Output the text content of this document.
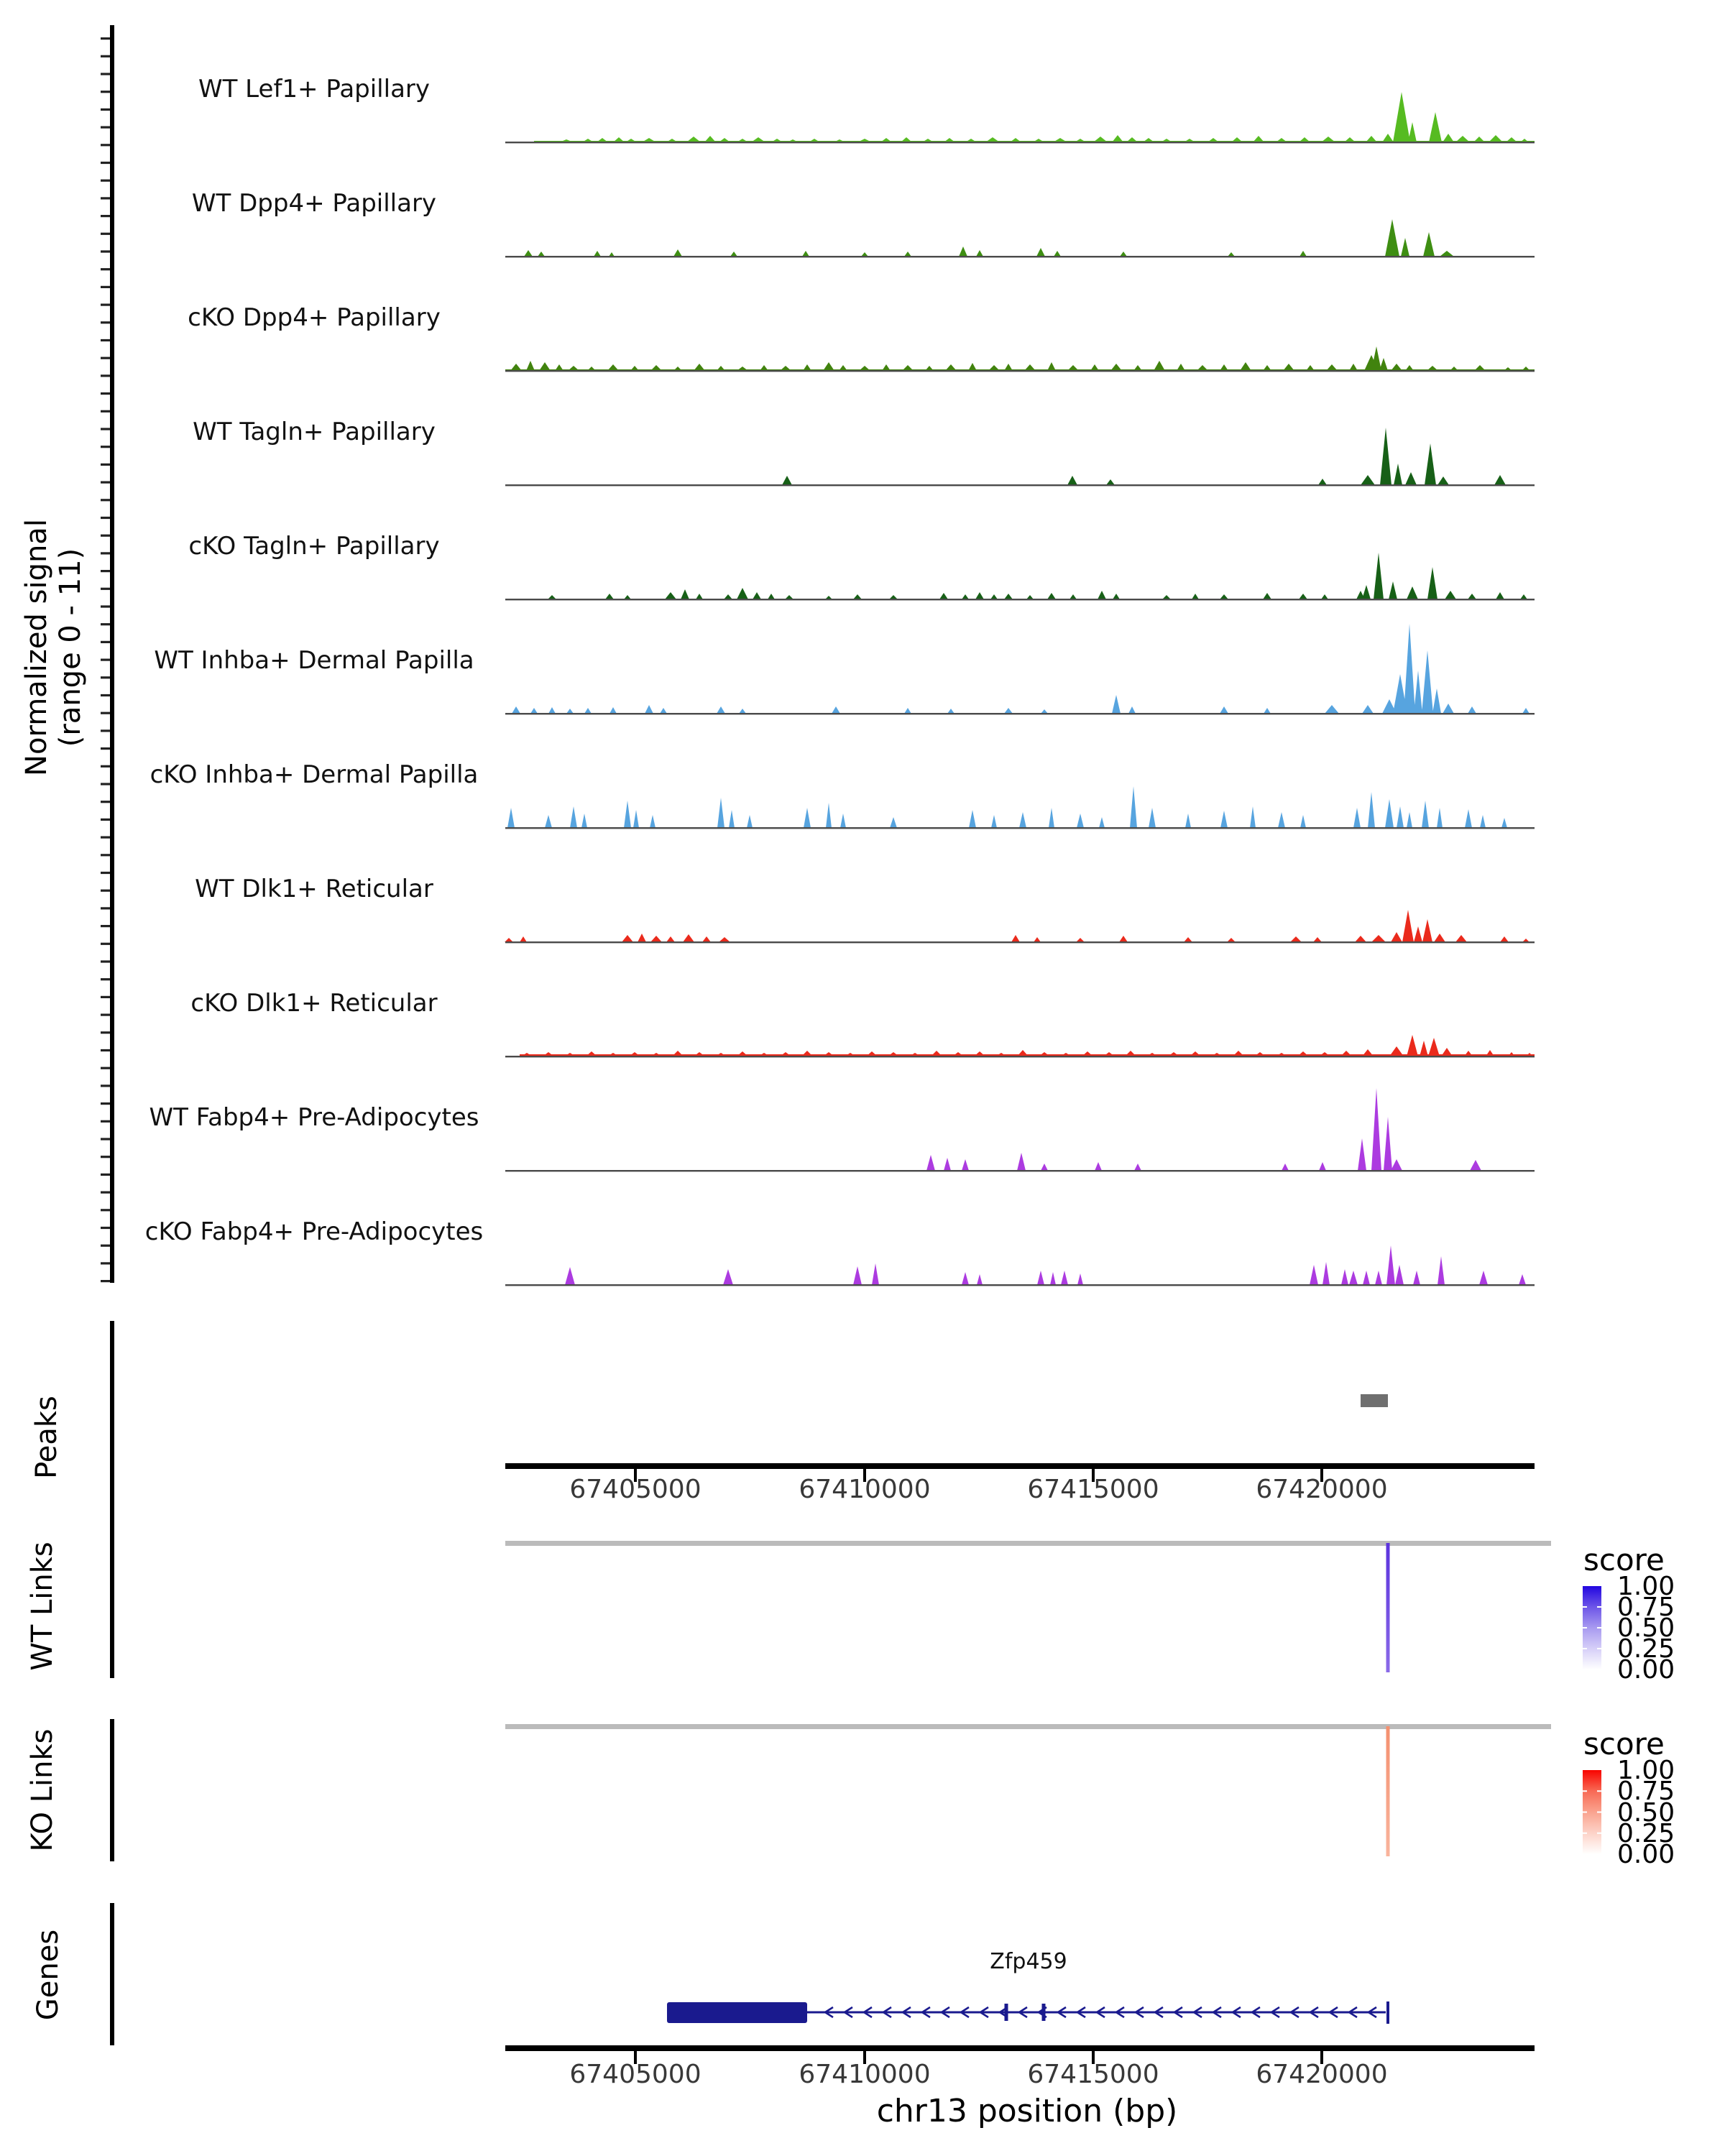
Normalized signal (range 0 - 11)
Peaks
WT Links
KO Links
Genes
WT Lef1+ Papillary
WT Dpp4+ Papillary
cKO Dpp4+ Papillary
WT Tagln+ Papillary
cKO Tagln+ Papillary
WT Inhba+ Dermal Papilla
cKO Inhba+ Dermal Papilla
WT Dlk1+ Reticular
cKO Dlk1+ Reticular
WT Fabp4+ Pre-Adipocytes
cKO Fabp4+ Pre-Adipocytes
67405000	67410000	67415000	67420000
67405000	67410000	67415000	67420000
1.00
0.75
0.50
0.25
0.00
1.00
0.75
0.50
0.25
0.00
score
score
Zfp459
chr13 position (bp)
